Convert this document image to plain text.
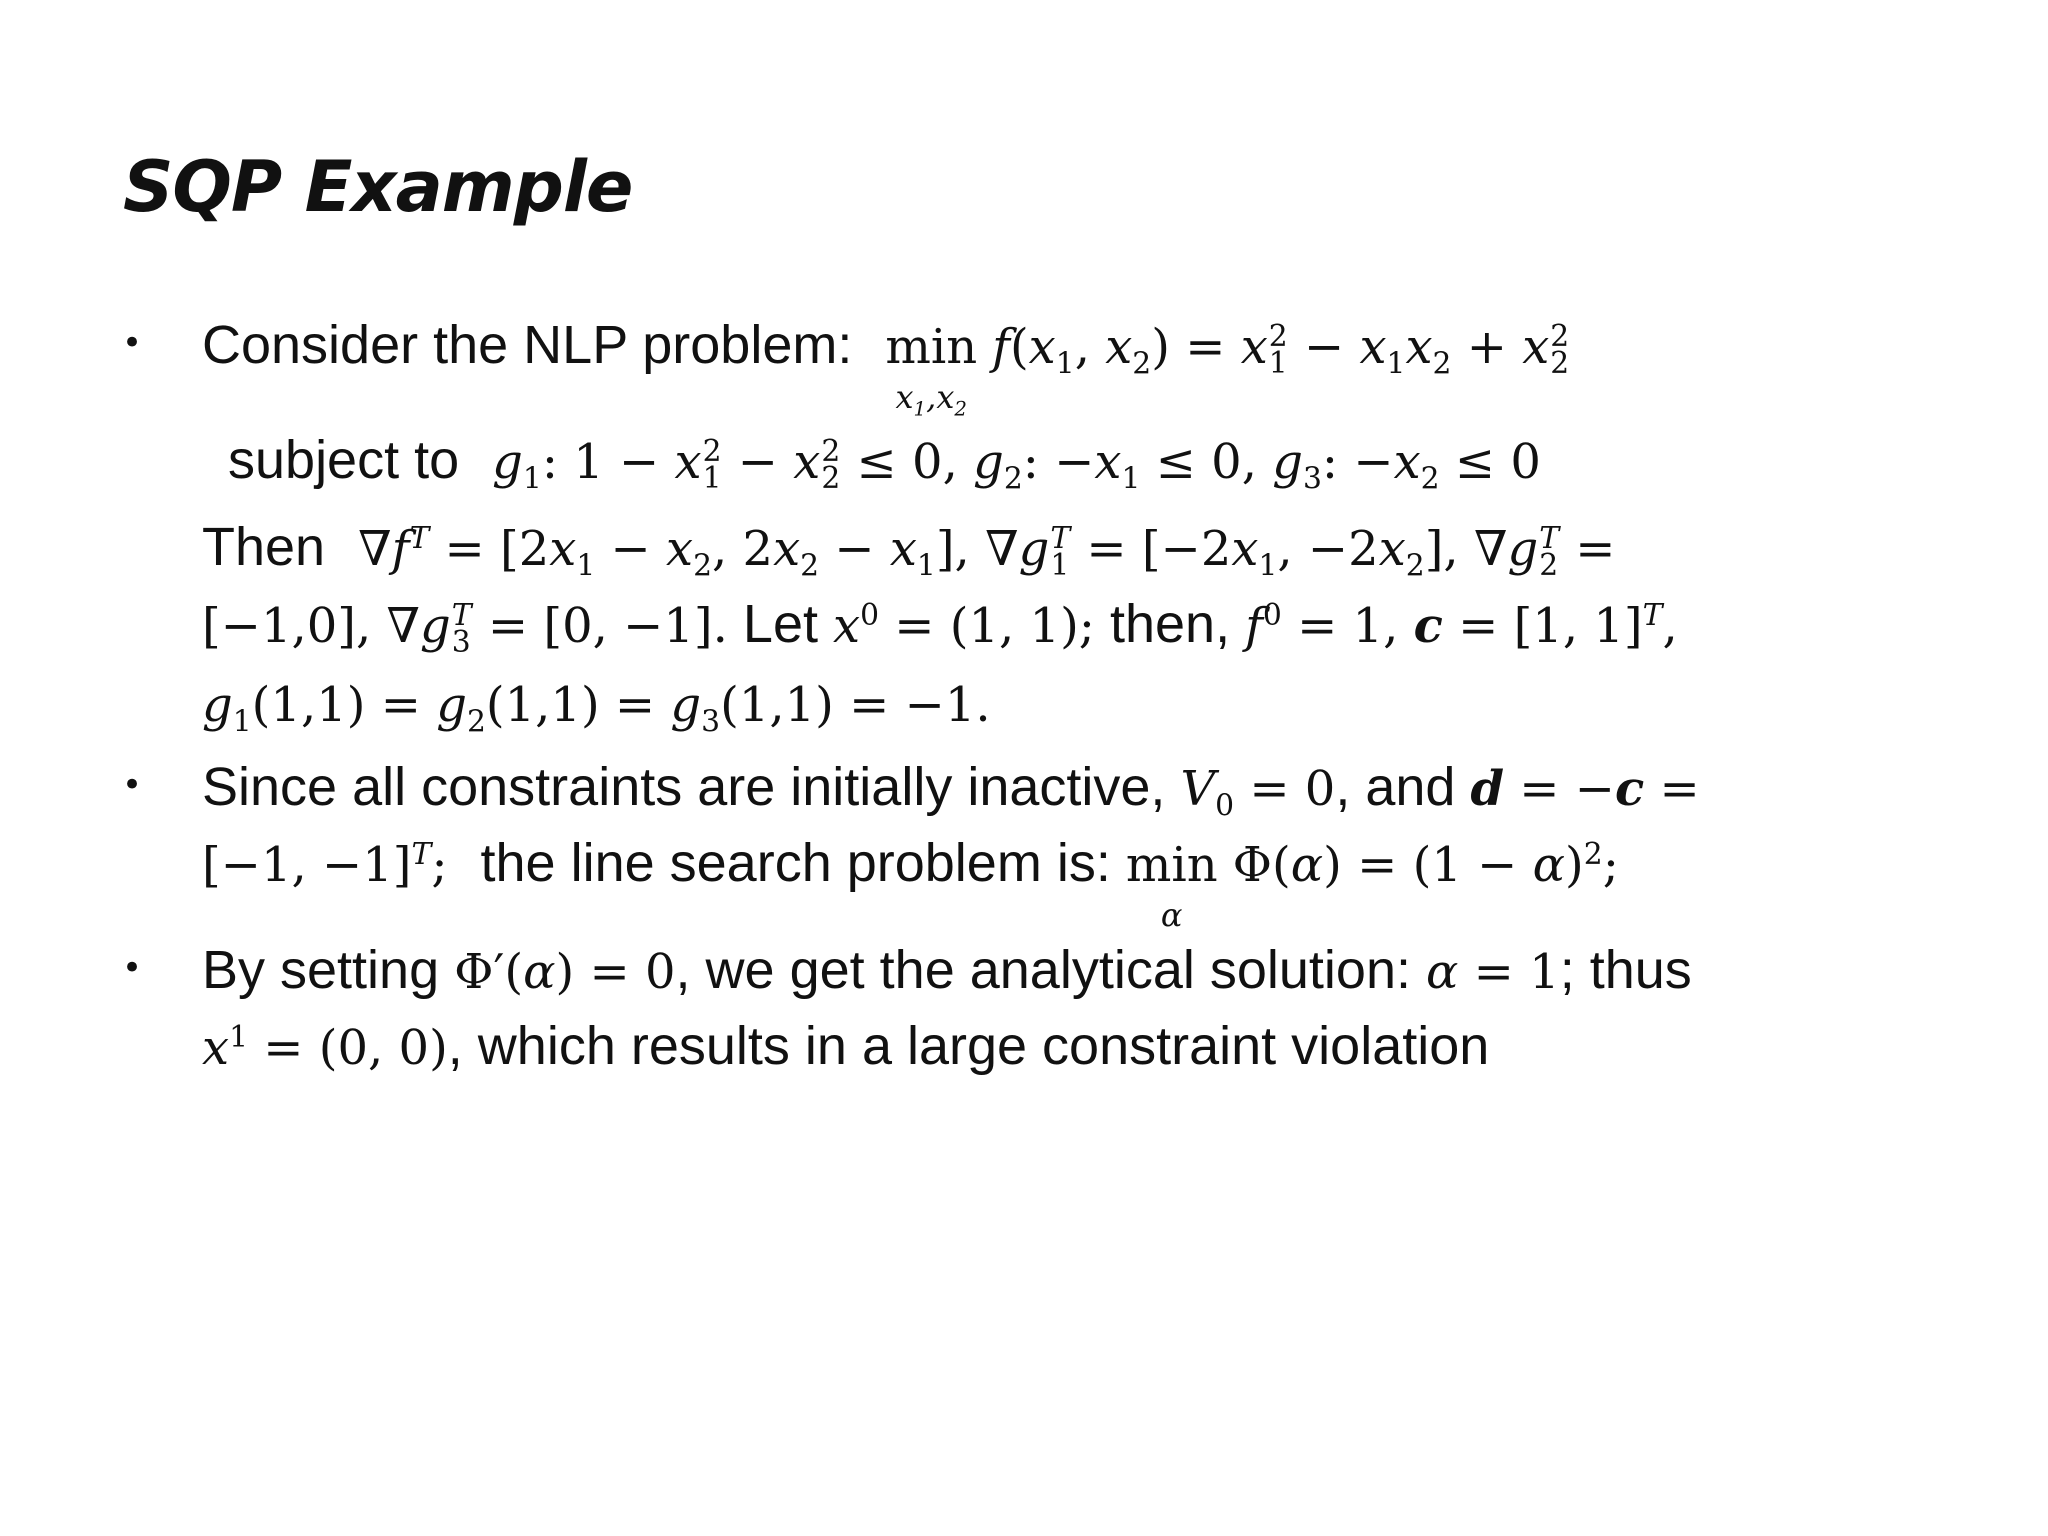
SQP Example
• Consider the NLP problem: min
$x_1,x_2$
$f(x_1$, $x_2) = x$ 2
$1 - x_1x_2 + x$ 2
2
subject to $g_1$: 1 − x 2
1 − x 2
2 ≤ 0, $g_2$: $-x_1 \le 0$, $g_3$: $-x_2 \le 0$
Then $\nabla f^T = [2x_1 - x_2$, $2x_2 - x_1$], ∇g T
$1 = [-2x_1$, $-2x_2$], ∇g T
2 =
[−1,0], ∇g T
3 = [0, −1]. Let $x^0 = (1$, 1); then, $f^0 = 1$, c = [1, 1]$^T$,
$g_1(1,1) = g_2(1,1) = g_3(1,1) = -1$.
• Since all constraints are initially inactive, $V_0 = 0$, and d = −c =
[−1, −1]$^T$; the line search problem is: min
α
$\Phi(\alpha) = (1 - \alpha)^2$;
• By setting Φ′(α) = 0, we get the analytical solution: α = 1; thus
$x^1 = (0$, 0), which results in a large constraint violation
